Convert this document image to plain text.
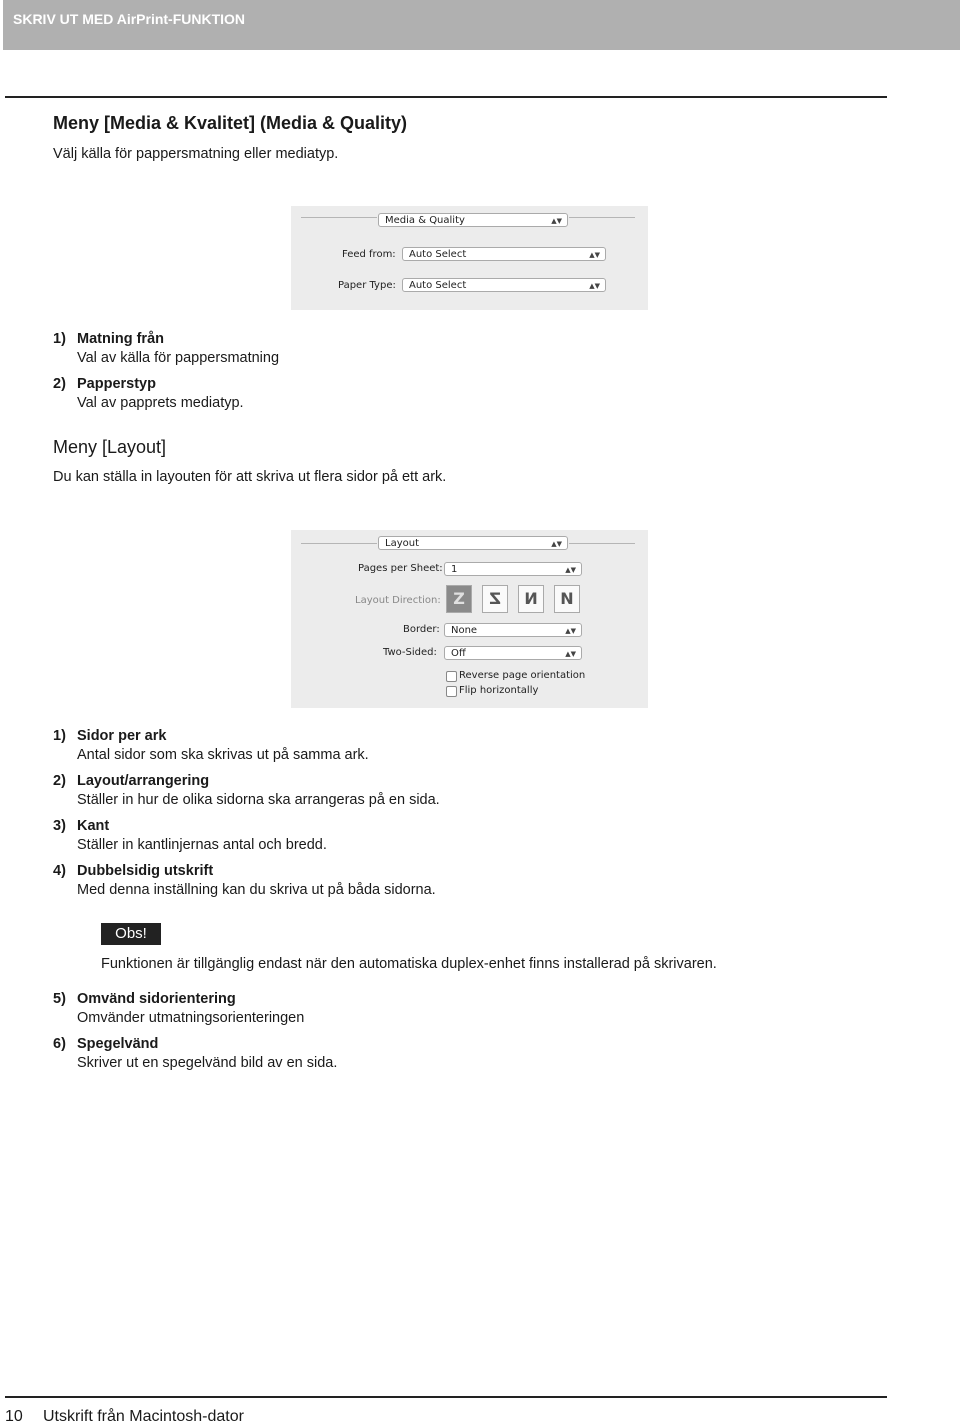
SKRIV UT MED AirPrint-FUNKTION
Meny [Media & Kvalitet] (Media & Quality)
Välj källa för pappersmatning eller mediatyp.
Media & Quality	▲▼
Feed from:	Auto Select	▲▼
Paper Type:	Auto Select	▲▼
1) Matning från
Val av källa för pappersmatning
2) Papperstyp
Val av papprets mediatyp.
Meny [Layout]
Du kan ställa in layouten för att skriva ut flera sidor på ett ark.
Layout	▲▼
Pages per Sheet: 1	▲▼
Layout Direction: Z	Z	N	N
Border:	None	▲▼
Two-Sided:	Off	▲▼
Reverse page orientation
Flip horizontally
1) Sidor per ark
Antal sidor som ska skrivas ut på samma ark.
2) Layout/arrangering
Ställer in hur de olika sidorna ska arrangeras på en sida.
3) Kant
Ställer in kantlinjernas antal och bredd.
4) Dubbelsidig utskrift
Med denna inställning kan du skriva ut på båda sidorna.
Obs!
Funktionen är tillgänglig endast när den automatiska duplex-enhet finns installerad på skrivaren.
5) Omvänd sidorientering
Omvänder utmatningsorienteringen
6) Spegelvänd
Skriver ut en spegelvänd bild av en sida.
10 Utskrift från Macintosh-dator
